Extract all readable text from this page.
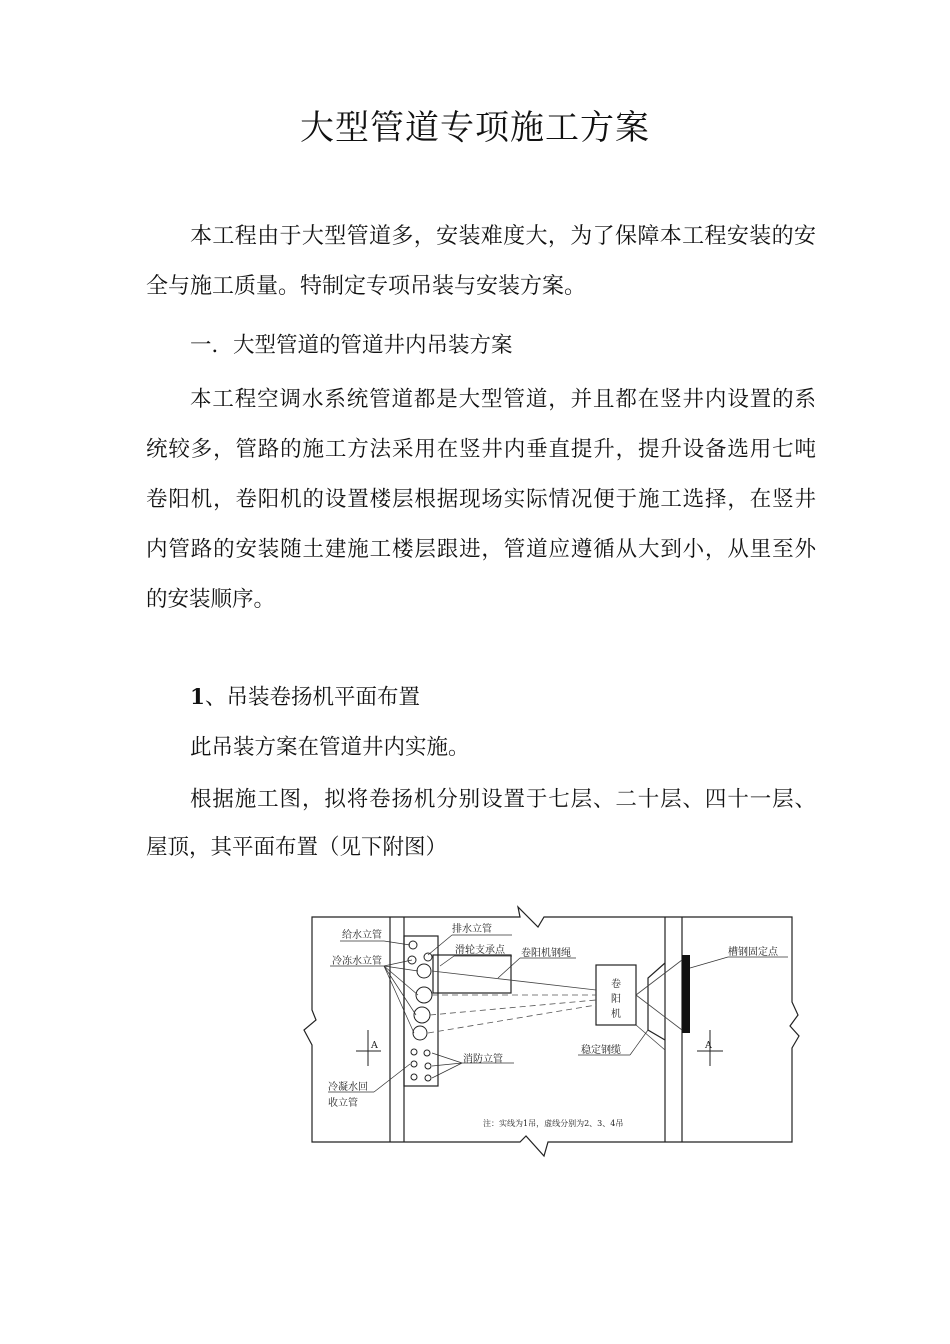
大型管道专项施工方案
本工程由于大型管道多，安装难度大，为了保障本工程安装的安
全与施工质量。特制定专项吊装与安装方案。
一．大型管道的管道井内吊装方案
本工程空调水系统管道都是大型管道，并且都在竖井内设置的系
统较多，管路的施工方法采用在竖井内垂直提升，提升设备选用七吨
卷阳机，卷阳机的设置楼层根据现场实际情况便于施工选择，在竖井
内管路的安装随土建施工楼层跟进，管道应遵循从大到小，从里至外
的安装顺序。
1、吊装卷扬机平面布置
此吊装方案在管道井内实施。
根据施工图，拟将卷扬机分别设置于七层、二十层、四十一层、
屋顶，其平面布置（见下附图）
A	A
给水立管
排水立管
滑轮支承点
冷冻水立管
卷阳机钢绳	槽钢固定点
卷
阳
机
消防立管
稳定钢缆
冷凝水回
收立管
注：实线为1吊，虚线分别为2、3、4吊
